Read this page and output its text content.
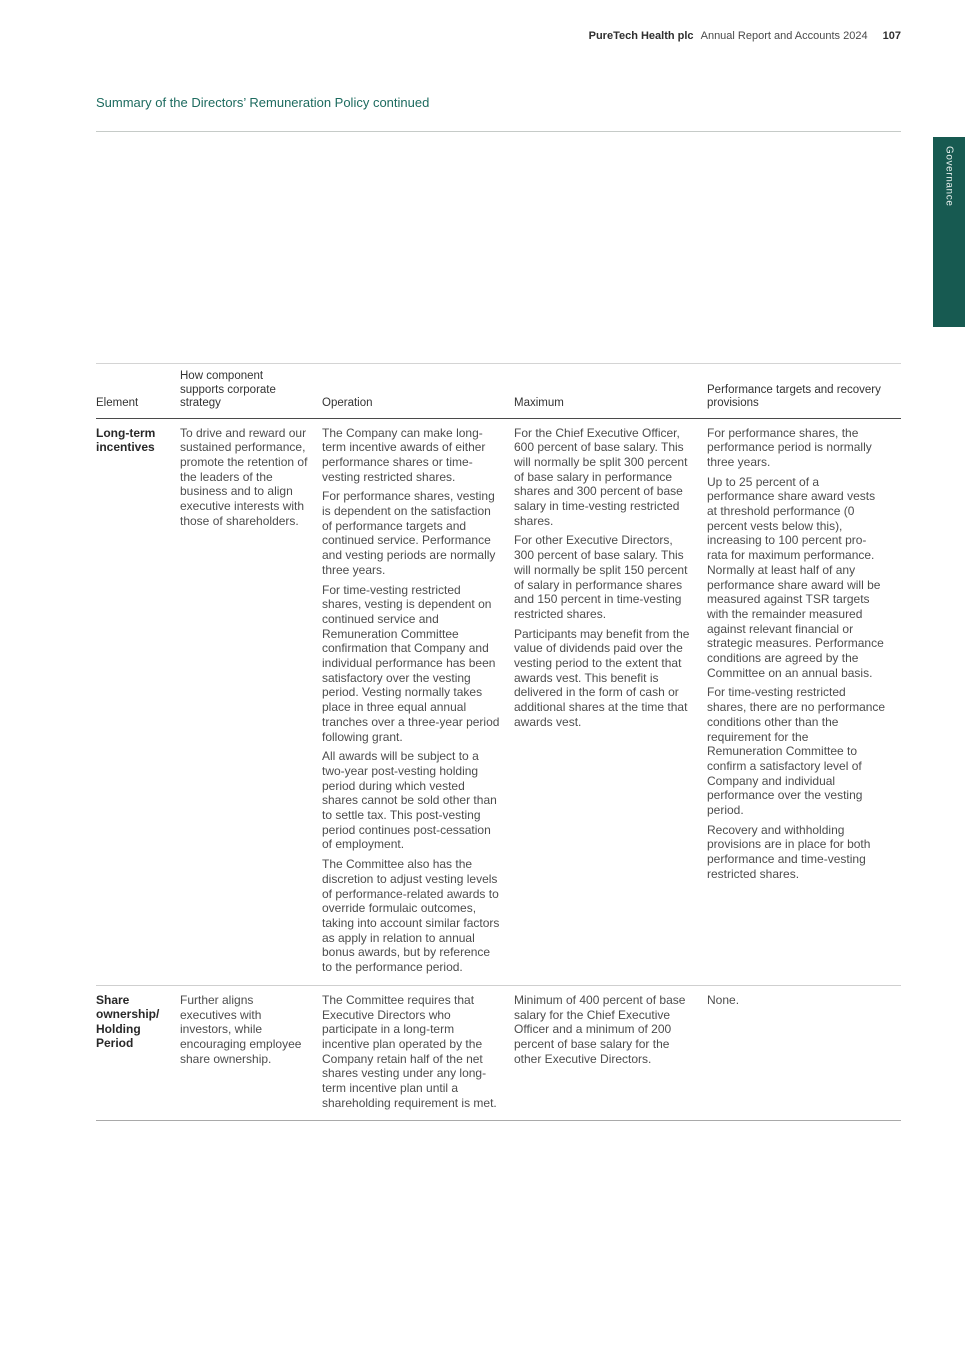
PureTech Health plc Annual Report and Accounts 2024 107
Summary of the Directors’ Remuneration Policy continued
Governance
Element
How component supports corporate strategy	Operation	Maximum
Performance targets and recovery provisions
Long-term incentives

To drive and reward our sustained performance, promote the retention of the leaders of the business and to align executive interests with those of shareholders.

The Company can make long-term incentive awards of either performance shares or time-vesting restricted shares.

For performance shares, vesting is dependent on the satisfaction of performance targets and continued service. Performance and vesting periods are normally three years.

For time-vesting restricted shares, vesting is dependent on continued service and Remuneration Committee confirmation that Company and individual performance has been satisfactory over the vesting period. Vesting normally takes place in three equal annual tranches over a three-year period following grant.

All awards will be subject to a two-year post-vesting holding period during which vested shares cannot be sold other than to settle tax. This post-vesting period continues post-cessation of employment.

The Committee also has the discretion to adjust vesting levels of performance-related awards to override formulaic outcomes, taking into account similar factors as apply in relation to annual bonus awards, but by reference to the performance period.

For the Chief Executive Officer, 600 percent of base salary. This will normally be split 300 percent of base salary in performance shares and 300 percent of base salary in time-vesting restricted shares.

For other Executive Directors, 300 percent of base salary. This will normally be split 150 percent of salary in performance shares and 150 percent in time-vesting restricted shares.

Participants may benefit from the value of dividends paid over the vesting period to the extent that awards vest. This benefit is delivered in the form of cash or additional shares at the time that awards vest.

For performance shares, the performance period is normally three years.

Up to 25 percent of a performance share award vests at threshold performance (0 percent vests below this), increasing to 100 percent pro-rata for maximum performance. Normally at least half of any performance share award will be measured against TSR targets with the remainder measured against relevant financial or strategic measures. Performance conditions are agreed by the Committee on an annual basis.

For time-vesting restricted shares, there are no performance conditions other than the requirement for the Remuneration Committee to confirm a satisfactory level of Company and individual performance over the vesting period.

Recovery and withholding provisions are in place for both performance and time-vesting restricted shares.

Share ownership/ Holding Period

Further aligns executives with investors, while encouraging employee share ownership.

The Committee requires that Executive Directors who participate in a long-term incentive plan operated by the Company retain half of the net shares vesting under any long-term incentive plan until a shareholding requirement is met.

Minimum of 400 percent of base salary for the Chief Executive Officer and a minimum of 200 percent of base salary for the other Executive Directors.

None.
